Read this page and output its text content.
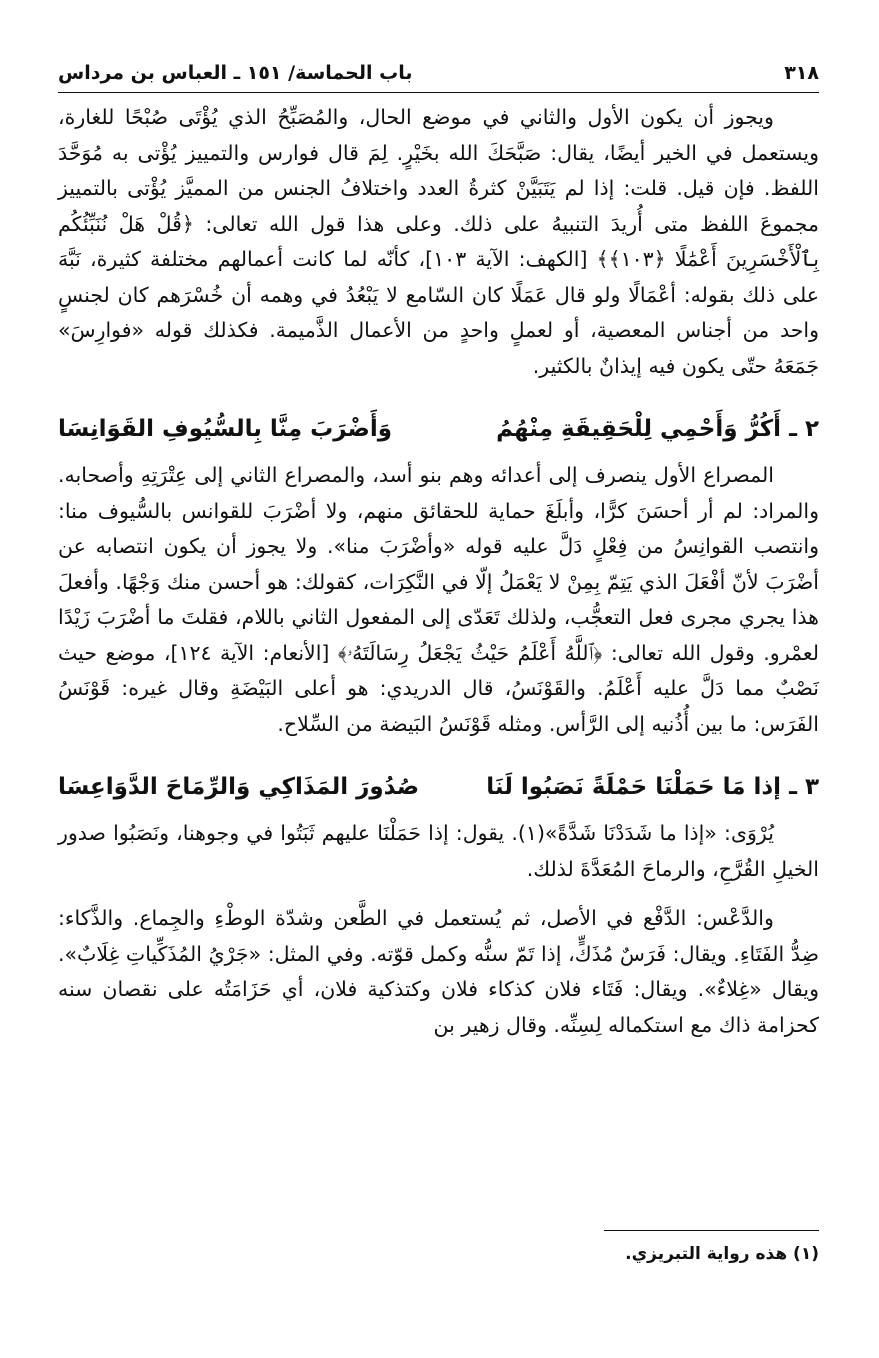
٣١٨
باب الحماسة/ ١٥١ ـ العباس بن مرداس

ويجوز أن يكون الأول والثاني في موضع الحال، والمُصَبِّحُ الذي يُؤْتَى صُبْحًا للغارة، ويستعمل في الخير أيضًا، يقال: صَبَّحَكَ الله بخَيْرٍ. لِمَ قال فوارس والتمييز يُؤْتى به مُوَحَّدَ اللفظ. فإن قيل. قلت: إذا لم يَتَبَيَّنْ كثرةُ العدد واختلافُ الجنس من المميَّز يُؤْتى بالتمييز مجموعَ اللفظ متى أُريدَ التنبيهُ على ذلك. وعلى هذا قول الله تعالى: ﴿قُلْ هَلْ نُنَبِّئُكُم بِٱلْأَخْسَرِينَ أَعْمَٰلًا ﴿١٠٣﴾﴾ [الكهف: الآية ١٠٣]، كأنّه لما كانت أعمالهم مختلفة كثيرة، نَبَّهَ على ذلك بقوله: أعْمَالًا ولو قال عَمَلًا كان السّامع لا يَبْعُدُ في وهمه أن خُسْرَهم كان لجنسٍ واحد من أجناس المعصية، أو لعملٍ واحدٍ من الأعمال الذَّميمة. فكذلك قوله «فوارِسَ» جَمَعَهُ حتّى يكون فيه إيذانٌ بالكثير.

٢ ـ أَكُرُّ وَأَحْمِي لِلْحَقِيقَةِ مِنْهُمُ
وَأَضْرَبَ مِنَّا بِالسُّيُوفِ القَوَانِسَا

المصراع الأول ينصرف إلى أعدائه وهم بنو أسد، والمصراع الثاني إلى عِتْرَتِهِ وأصحابه. والمراد: لم أر أحسَنَ كرًّا، وأبلَغَ حماية للحقائق منهم، ولا أضْرَبَ للقوانس بالسُّيوف منا: وانتصب القوانِسُ من فِعْلٍ دَلَّ عليه قوله «وأضْرَبَ منا». ولا يجوز أن يكون انتصابه عن أضْرَبَ لأنّ أفْعَلَ الذي يَتِمّ بِمِنْ لا يَعْمَلُ إلّا في النَّكِرَات، كقولك: هو أحسن منك وَجْهًا. وأفعلَ هذا يجري مجرى فعل التعجُّب، ولذلك تَعَدّى إلى المفعول الثاني باللام، فقلتَ ما أضْرَبَ زَيْدًا لعمْرو. وقول الله تعالى: ﴿ٱللَّهُ أَعْلَمُ حَيْثُ يَجْعَلُ رِسَالَتَهُۥ﴾ [الأنعام: الآية ١٢٤]، موضع حيث نَصْبٌ مما دَلَّ عليه أَعْلَمُ. والقَوْنَسُ، قال الدريدي: هو أعلى البَيْضَةِ وقال غيره: قَوْنَسُ الفَرَس: ما بين أُذُنيه إلى الرَّأس. ومثله قَوْنَسُ البَيضة من السِّلاح.

٣ ـ إذا مَا حَمَلْنَا حَمْلَةً نَصَبُوا لَنَا
صُدُورَ المَذَاكِي وَالرِّمَاحَ الدَّوَاعِسَا

يُرْوَى: «إذا ما شَدَدْنَا شَدَّةً»(١). يقول: إذا حَمَلْنَا عليهم ثَبَتُوا في وجوهنا، ونَصَبُوا صدور الخيلِ القُرَّحِ، والرماحَ المُعَدَّةَ لذلك.

والدَّعْس: الدَّفْع في الأصل، ثم يُستعمل في الطَّعن وشدّة الوطْءِ والجِماع. والذَّكاء: ضِدُّ الفَتَاءِ. ويقال: فَرَسٌ مُذَكٍّ، إذا تَمّ سنُّه وكمل قوّته. وفي المثل: «جَرْيُ المُذَكِّياتِ غِلَابٌ». ويقال «غِلاءٌ». ويقال: فَتَاء فلان كذكاء فلان وكتذكية فلان، أي حَزَامَتُه على نقصان سنه كحزامة ذاك مع استكماله لِسِنِّه. وقال زهير بن

(١) هذه رواية التبريزي.
